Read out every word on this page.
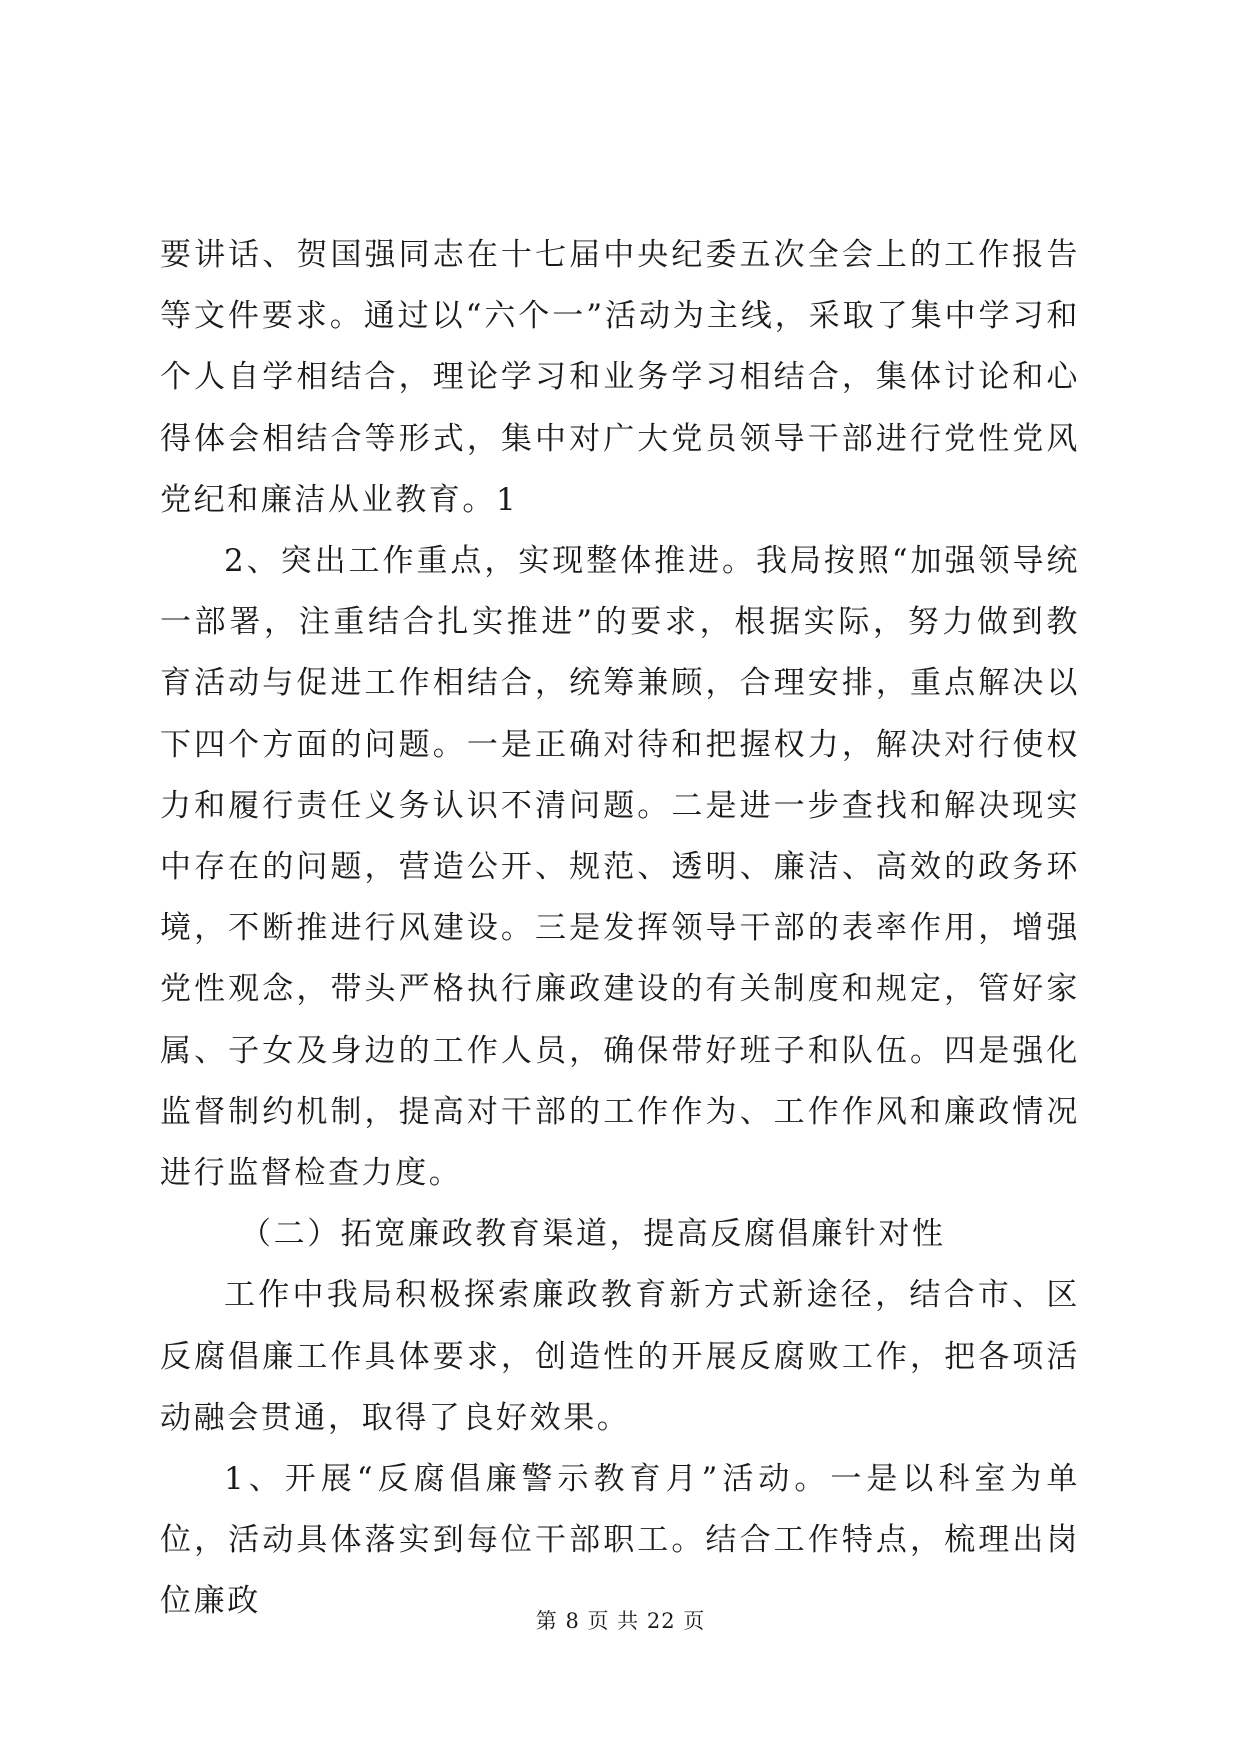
要讲话、贺国强同志在十七届中央纪委五次全会上的工作报告等文件要求。通过以“六个一”活动为主线，采取了集中学习和个人自学相结合，理论学习和业务学习相结合，集体讨论和心得体会相结合等形式，集中对广大党员领导干部进行党性党风党纪和廉洁从业教育。1

2、突出工作重点，实现整体推进。我局按照“加强领导统一部署，注重结合扎实推进”的要求，根据实际，努力做到教育活动与促进工作相结合，统筹兼顾，合理安排，重点解决以下四个方面的问题。一是正确对待和把握权力，解决对行使权力和履行责任义务认识不清问题。二是进一步查找和解决现实中存在的问题，营造公开、规范、透明、廉洁、高效的政务环境，不断推进行风建设。三是发挥领导干部的表率作用，增强党性观念，带头严格执行廉政建设的有关制度和规定，管好家属、子女及身边的工作人员，确保带好班子和队伍。四是强化监督制约机制，提高对干部的工作作为、工作作风和廉政情况进行监督检查力度。

（二）拓宽廉政教育渠道，提高反腐倡廉针对性

工作中我局积极探索廉政教育新方式新途径，结合市、区反腐倡廉工作具体要求，创造性的开展反腐败工作，把各项活动融会贯通，取得了良好效果。

1、开展“反腐倡廉警示教育月”活动。一是以科室为单位，活动具体落实到每位干部职工。结合工作特点，梳理出岗位廉政

第 8 页 共 22 页
